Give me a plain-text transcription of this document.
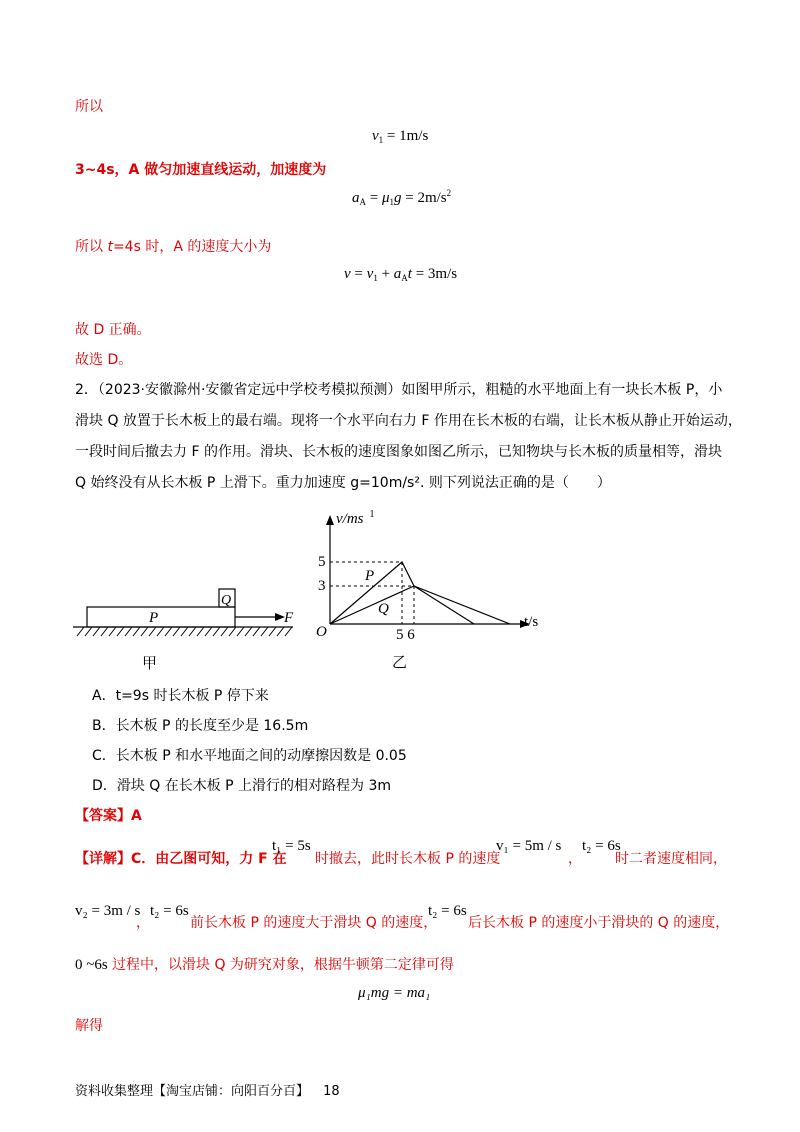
所以
$v_1 = 1m/s$
3~4s，A 做匀加速直线运动，加速度为
$a_A = \mu_1g = 2m/s^2$
所以 t=4s 时，A 的速度大小为
$v = v_1 + a_At = 3m/s$
故 D 正确。
故选 D。
2．（2023·安徽滁州·安徽省定远中学校考模拟预测）如图甲所示，粗糙的水平地面上有一块长木板 P，小
滑块 Q 放置于长木板上的最右端。现将一个水平向右力 F 作用在长木板的右端，让长木板从静止开始运动，
一段时间后撤去力 F 的作用。滑块、长木板的速度图象如图乙所示，已知物块与长木板的质量相等，滑块
Q 始终没有从长木板 P 上滑下。重力加速度 g=10m/s². 则下列说法正确的是（　　）
P
Q
F
甲
v/ms $^1$
t/s
O
5
3
5 6
P
Q
乙
A．t=9s 时长木板 P 停下来
B．长木板 P 的长度至少是 16.5m
C．长木板 P 和水平地面之间的动摩擦因数是 0.05
D．滑块 Q 在长木板 P 上滑行的相对路程为 3m
【答案】A
【详解】C．由乙图可知，力 F 在
t₁ = 5s
时撤去，此时长木板 P 的速度
v₁ = 5m / s
，
t₂ = 6s
时二者速度相同，
v₂ = 3m / s
，
t₂ = 6s
前长木板 P 的速度大于滑块 Q 的速度，
t₂ = 6s
后长木板 P 的速度小于滑块的 Q 的速度，
0 ~6s 过程中，以滑块 Q 为研究对象，根据牛顿第二定律可得
μ₁mg = ma₁
解得
资料收集整理【淘宝店铺：向阳百分百】 18
